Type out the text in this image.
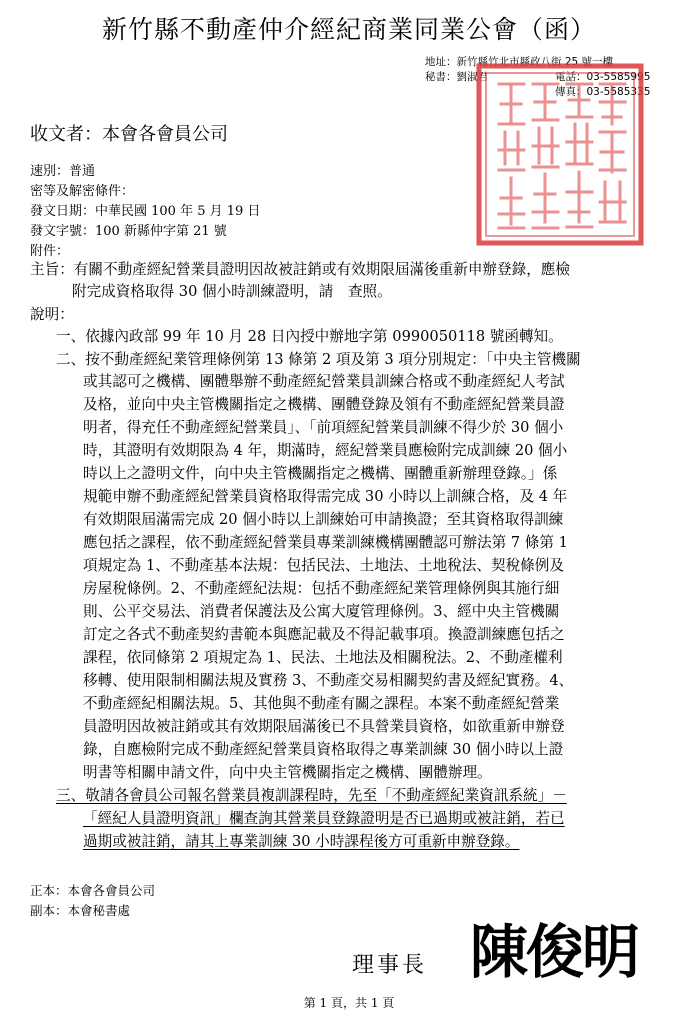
新竹縣不動產仲介經紀商業同業公會（函）
地址：新竹縣竹北市縣政八街 25 號一樓
秘書：劉淑君	電話：03-5585995
傳真：03-5585335
收文者：本會各會員公司
速別：普通
密等及解密條件：
發文日期：中華民國 100 年 5 月 19 日
發文字號：100 新縣仲字第 21 號
附件：
主旨：有關不動產經紀營業員證明因故被註銷或有效期限屆滿後重新申辦登錄，應檢
附完成資格取得 30 個小時訓練證明，請　查照。
說明：
一、依據內政部 99 年 10 月 28 日內授中辦地字第 0990050118 號函轉知。
二、按不動產經紀業管理條例第 13 條第 2 項及第 3 項分別規定：「中央主管機關
或其認可之機構、團體舉辦不動產經紀營業員訓練合格或不動產經紀人考試
及格，並向中央主管機關指定之機構、團體登錄及領有不動產經紀營業員證
明者，得充任不動產經紀營業員」、「前項經紀營業員訓練不得少於 30 個小
時，其證明有效期限為 4 年，期滿時，經紀營業員應檢附完成訓練 20 個小
時以上之證明文件，向中央主管機關指定之機構、團體重新辦理登錄。」係
規範申辦不動產經紀營業員資格取得需完成 30 小時以上訓練合格，及 4 年
有效期限屆滿需完成 20 個小時以上訓練始可申請換證；至其資格取得訓練
應包括之課程，依不動產經紀營業員專業訓練機構團體認可辦法第 7 條第 1
項規定為 1、不動產基本法規：包括民法、土地法、土地稅法、契稅條例及
房屋稅條例。2、不動產經紀法規：包括不動產經紀業管理條例與其施行細
則、公平交易法、消費者保護法及公寓大廈管理條例。3、經中央主管機關
訂定之各式不動產契約書範本與應記載及不得記載事項。換證訓練應包括之
課程，依同條第 2 項規定為 1、民法、土地法及相關稅法。2、不動產權利
移轉、使用限制相關法規及實務 3、不動產交易相關契約書及經紀實務。4、
不動產經紀相關法規。5、其他與不動產有關之課程。本案不動產經紀營業
員證明因故被註銷或其有效期限屆滿後已不具營業員資格，如欲重新申辦登
錄，自應檢附完成不動產經紀營業員資格取得之專業訓練 30 個小時以上證
明書等相關申請文件，向中央主管機關指定之機構、團體辦理。
三、敬請各會員公司報名營業員複訓課程時，先至「不動產經紀業資訊系統」－
「經紀人員證明資訊」欄查詢其營業員登錄證明是否已過期或被註銷，若已
過期或被註銷，請其上專業訓練 30 小時課程後方可重新申辦登錄。
正本：本會各會員公司
副本：本會秘書處
理事長 陳俊明
第 1 頁，共 1 頁
